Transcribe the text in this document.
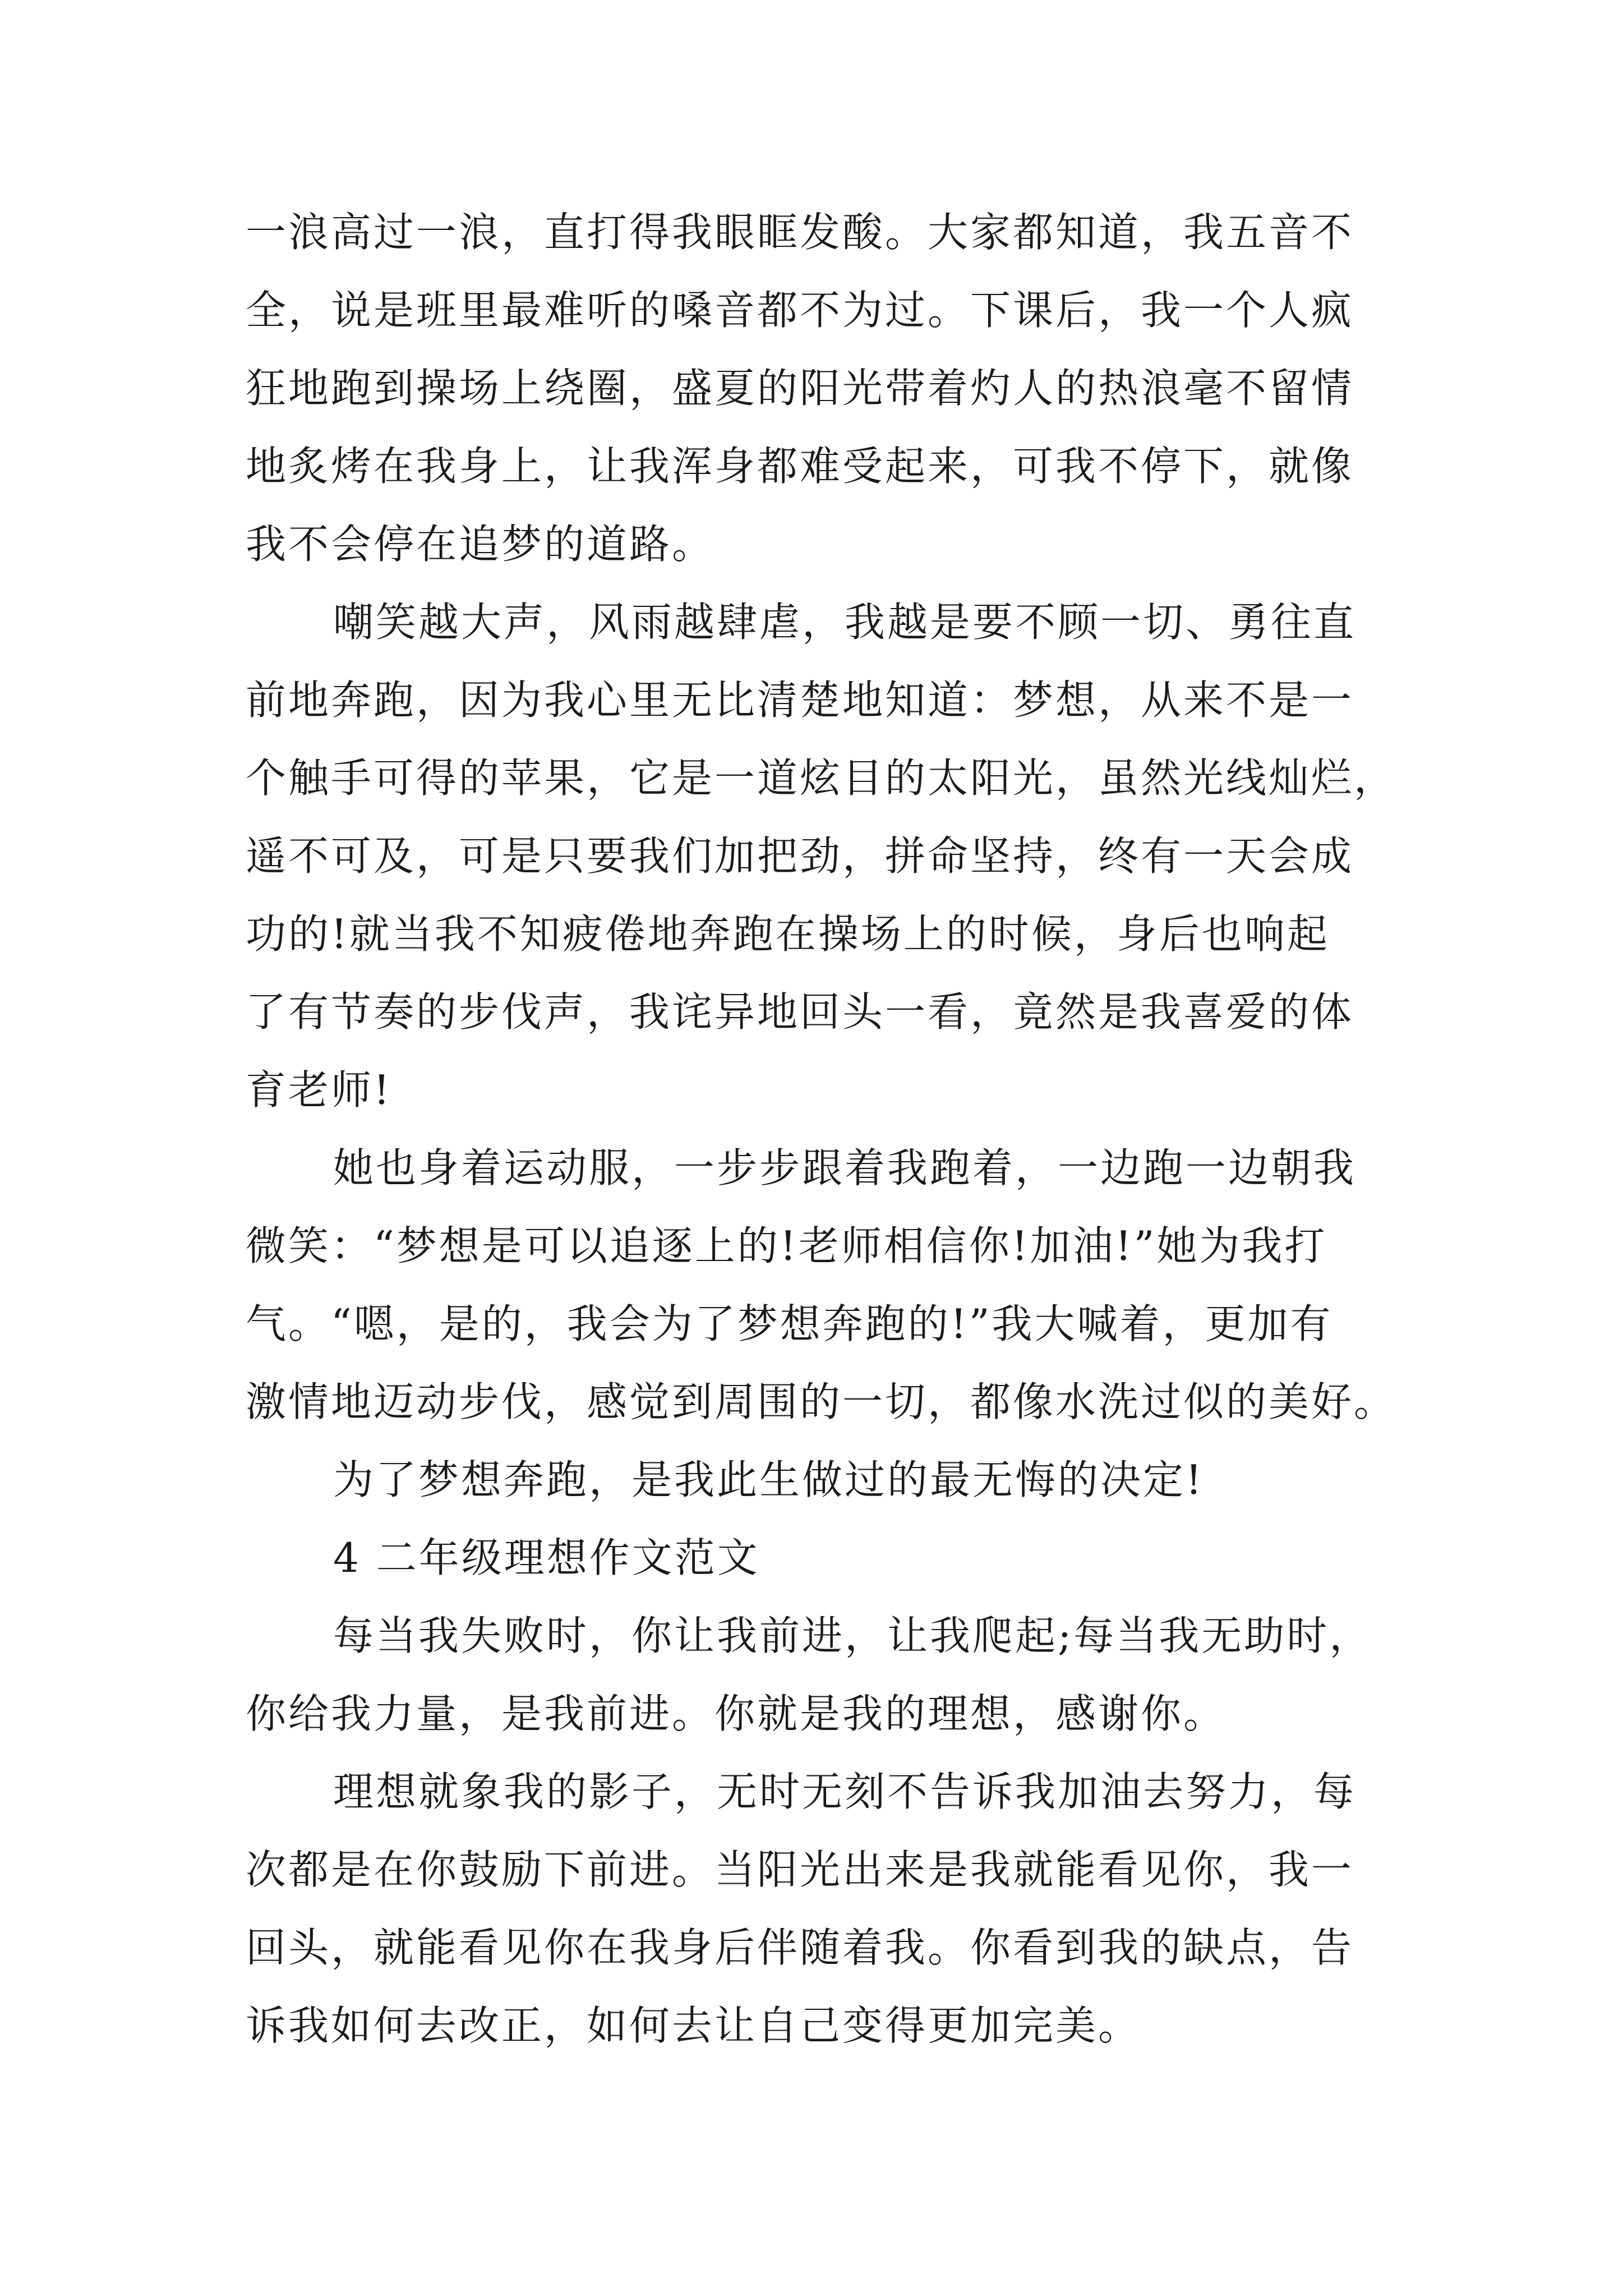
一浪高过一浪，直打得我眼眶发酸。大家都知道，我五音不
全，说是班里最难听的嗓音都不为过。下课后，我一个人疯
狂地跑到操场上绕圈，盛夏的阳光带着灼人的热浪毫不留情
地炙烤在我身上，让我浑身都难受起来，可我不停下，就像
我不会停在追梦的道路。
嘲笑越大声，风雨越肆虐，我越是要不顾一切、勇往直
前地奔跑，因为我心里无比清楚地知道：梦想，从来不是一
个触手可得的苹果，它是一道炫目的太阳光，虽然光线灿烂，
遥不可及，可是只要我们加把劲，拼命坚持，终有一天会成
功的!就当我不知疲倦地奔跑在操场上的时候，身后也响起
了有节奏的步伐声，我诧异地回头一看，竟然是我喜爱的体
育老师!
她也身着运动服，一步步跟着我跑着，一边跑一边朝我
微笑：“梦想是可以追逐上的!老师相信你!加油!”她为我打
气。“嗯，是的，我会为了梦想奔跑的!”我大喊着，更加有
激情地迈动步伐，感觉到周围的一切，都像水洗过似的美好。
为了梦想奔跑，是我此生做过的最无悔的决定!
4 二年级理想作文范文
每当我失败时，你让我前进，让我爬起;每当我无助时，
你给我力量，是我前进。你就是我的理想，感谢你。
理想就象我的影子，无时无刻不告诉我加油去努力，每
次都是在你鼓励下前进。当阳光出来是我就能看见你，我一
回头，就能看见你在我身后伴随着我。你看到我的缺点，告
诉我如何去改正，如何去让自己变得更加完美。
